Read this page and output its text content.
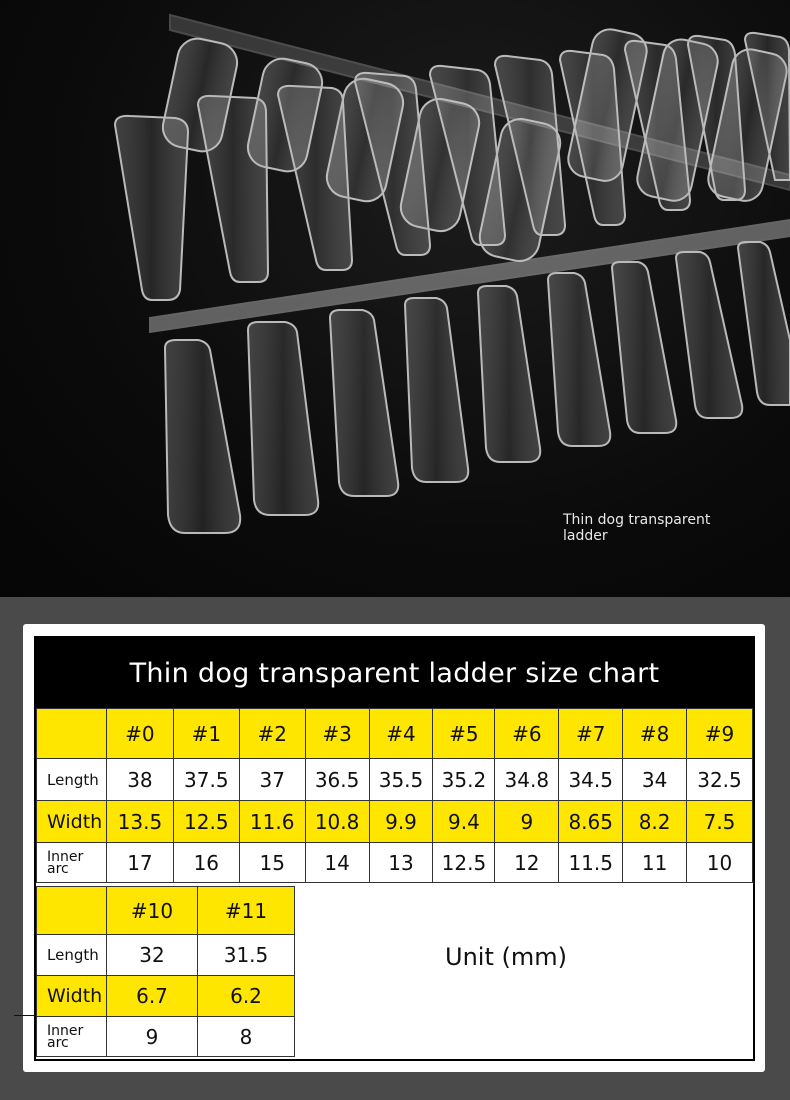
Thin dog transparent ladder
Thin dog transparent ladder size chart
	#0	#1	#2	#3	#4	#5	#6	#7	#8	#9
Length	38	37.5	37	36.5	35.5	35.2	34.8	34.5	34	32.5
Width	13.5	12.5	11.6	10.8	9.9	9.4	9	8.65	8.2	7.5
Inner arc	17	16	15	14	13	12.5	12	11.5	11	10
	#10	#11
Length	32	31.5
Width	6.7	6.2
Inner arc	9	8
Unit (mm)
